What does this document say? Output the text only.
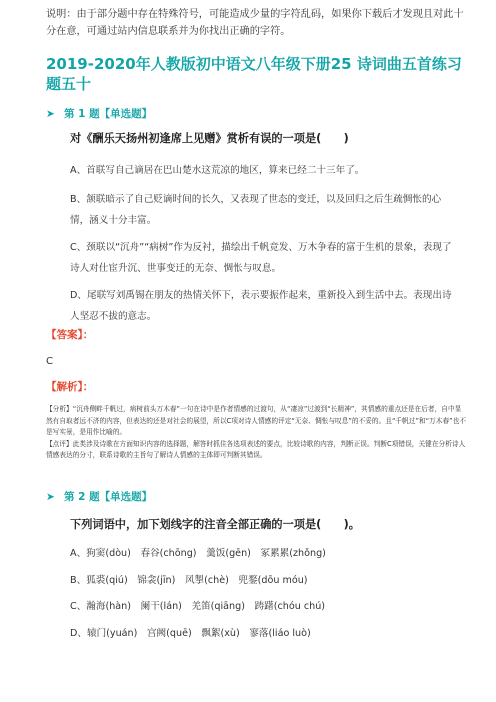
说明：由于部分题中存在特殊符号，可能造成少量的字符乱码，如果你下载后才发现且对此十分在意，可通过站内信息联系并为你找出正确的字符。
2019-2020年人教版初中语文八年级下册25 诗词曲五首练习题五十
➤ 第 1 题【单选题】
对《酬乐天扬州初逢席上见赠》赏析有误的一项是(　　)
A、首联写自己谪居在巴山楚水这荒凉的地区，算来已经二十三年了。
B、颔联暗示了自己贬谪时间的长久，又表现了世态的变迁，以及回归之后生疏惆怅的心情，涵义十分丰富。
C、颈联以“沉舟”“病树”作为反衬，描绘出千帆竞发、万木争春的富于生机的景象，表现了诗人对仕宦升沉、世事变迁的无奈、惆怅与叹息。
D、尾联写刘禹锡在朋友的热情关怀下，表示要振作起来，重新投入到生活中去。表现出诗人坚忍不拔的意志。
【答案】：
C
【解析】：

【分析】“沉舟侧畔千帆过，病树前头万木春”一句在诗中是作者情感的过渡句，从“凄凉”过渡到“长精神”，其情感的重点还是在后者，自中显然有自取者远不济的内容，但表达的还是对社会的展望，所以C项对诗人情感的评定“无奈、惆怅与叹息”的不妥的。且“千帆过”和“万木春”也不是写实景，是用作比喻的。

【点评】此类涉及诗歌在方面知识内容的选择题，解答时抓住各选项表述的要点，比较诗歌的内容，判断正误。判断C项错误，关键在分析诗人情感表达的分寸，联系诗歌的主旨句了解诗人情感的主体即可判断其错误。

➤ 第 2 题【单选题】
下列词语中，加下划线字的注音全部正确的一项是(　　)。
A、狗窦(dòu)　春谷(chōng)　羹饭(gēn)　冢累累(zhǒng)
B、狐裘(qiú)　锦衾(jīn)　风掣(chè)　兜鍪(dōu móu)
C、瀚海(hàn)　阑干(lán)　羌笛(qiāng)　踌躇(chóu chú)
D、辕门(yuán)　宫阙(quē)　飘絮(xù)　寥落(liáo luò)
